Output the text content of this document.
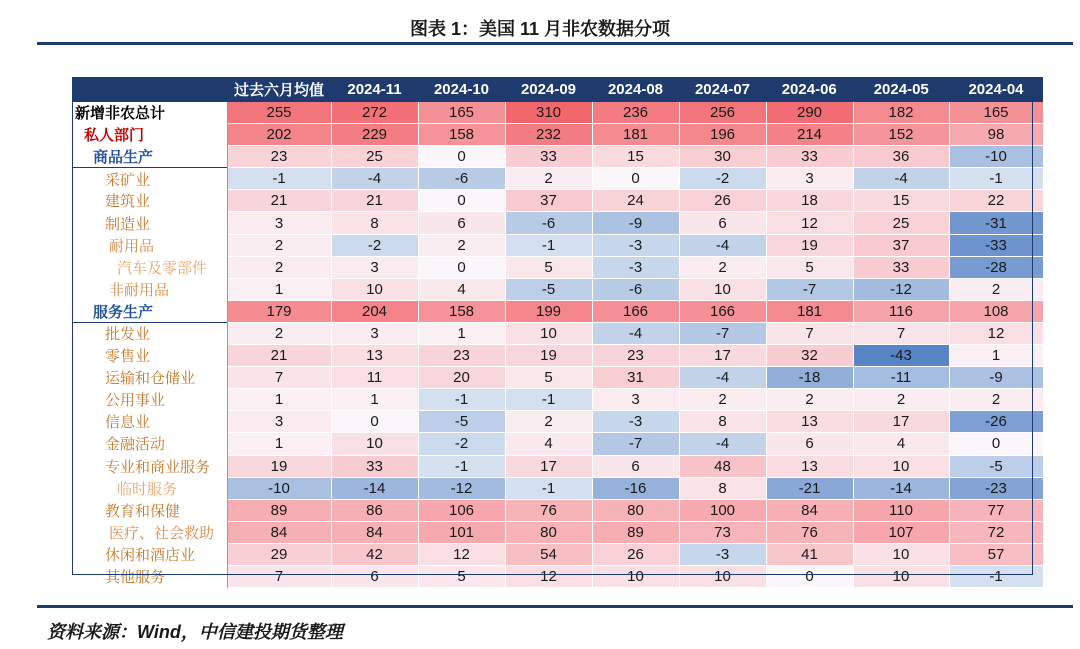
图表 1：美国 11 月非农数据分项
	过去六月均值	2024-11	2024-10	2024-09	2024-08	2024-07	2024-06	2024-05	2024-04
新增非农总计	255	272	165	310	236	256	290	182	165
私人部门	202	229	158	232	181	196	214	152	98
商品生产	23	25	0	33	15	30	33	36	-10
采矿业	-1	-4	-6	2	0	-2	3	-4	-1
建筑业	21	21	0	37	24	26	18	15	22
制造业	3	8	6	-6	-9	6	12	25	-31
耐用品	2	-2	2	-1	-3	-4	19	37	-33
汽车及零部件	2	3	0	5	-3	2	5	33	-28
非耐用品	1	10	4	-5	-6	10	-7	-12	2
服务生产	179	204	158	199	166	166	181	116	108
批发业	2	3	1	10	-4	-7	7	7	12
零售业	21	13	23	19	23	17	32	-43	1
运输和仓储业	7	11	20	5	31	-4	-18	-11	-9
公用事业	1	1	-1	-1	3	2	2	2	2
信息业	3	0	-5	2	-3	8	13	17	-26
金融活动	1	10	-2	4	-7	-4	6	4	0
专业和商业服务	19	33	-1	17	6	48	13	10	-5
临时服务	-10	-14	-12	-1	-16	8	-21	-14	-23
教育和保健	89	86	106	76	80	100	84	110	77
医疗、社会救助	84	84	101	80	89	73	76	107	72
休闲和酒店业	29	42	12	54	26	-3	41	10	57
其他服务	7	6	5	12	10	10	0	10	-1
资料来源：Wind，中信建投期货整理
